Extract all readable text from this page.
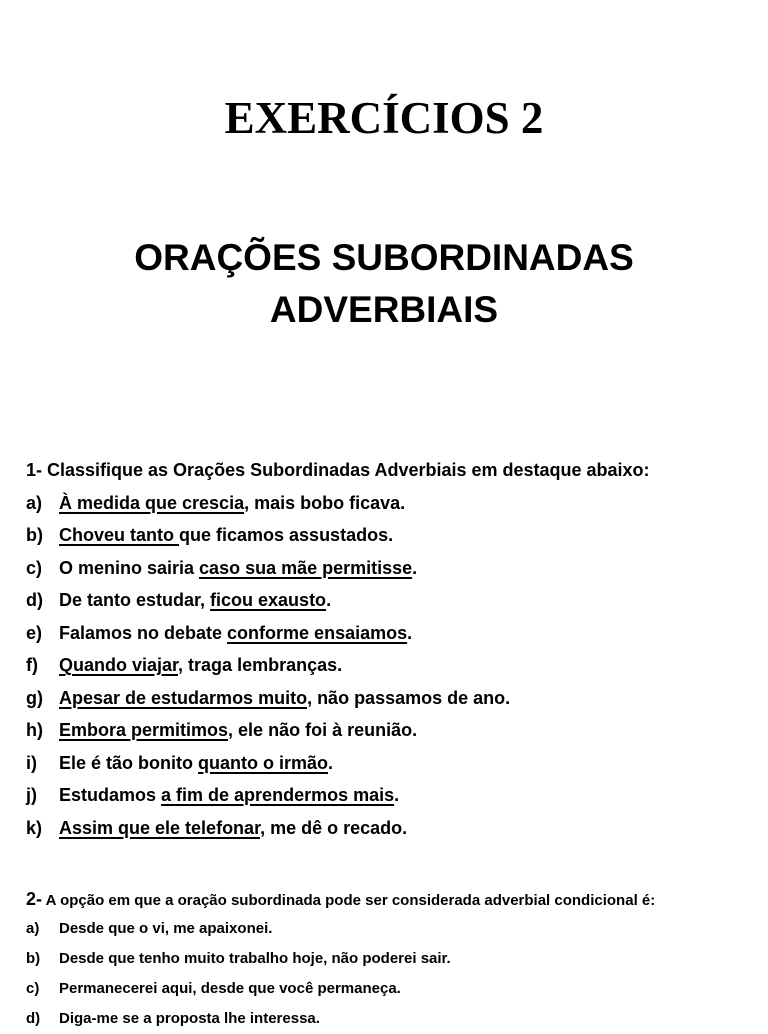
EXERCÍCIOS 2
ORAÇÕES SUBORDINADAS
ADVERBIAIS
1- Classifique as Orações Subordinadas Adverbiais em destaque abaixo:
a) À medida que crescia, mais bobo ficava.
b) Choveu tanto que ficamos assustados.
c) O menino sairia caso sua mãe permitisse.
d) De tanto estudar, ficou exausto.
e) Falamos no debate conforme ensaiamos.
f)	Quando viajar, traga lembranças.
g) Apesar de estudarmos muito, não passamos de ano.
h) Embora permitimos, ele não foi à reunião.
i)	Ele é tão bonito quanto o irmão.
j)	Estudamos a fim de aprendermos mais.
k) Assim que ele telefonar, me dê o recado.
2- A opção em que a oração subordinada pode ser considerada adverbial condicional é:
a)	Desde que o vi, me apaixonei.
b)	Desde que tenho muito trabalho hoje, não poderei sair.
c)	Permanecerei aqui, desde que você permaneça.
d)	Diga-me se a proposta lhe interessa.
